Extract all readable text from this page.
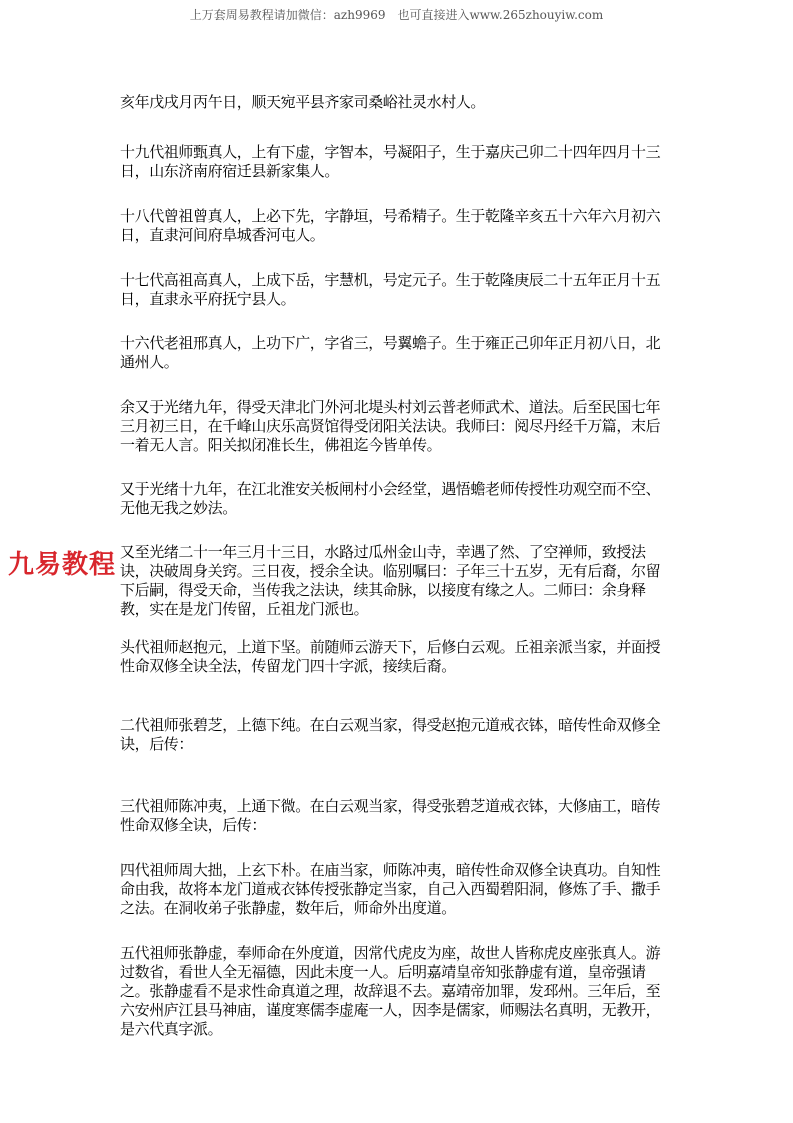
上万套周易教程请加微信：azh9969　也可直接进入www.265zhouyiw.com

亥年戊戌月丙午日，顺天宛平县齐家司桑峪社灵水村人。

十九代祖师甄真人，上有下虚，字智本，号凝阳子，生于嘉庆己卯二十四年四月十三日，山东济南府宿迁县新家集人。

十八代曾祖曾真人，上必下先，字静垣，号希精子。生于乾隆辛亥五十六年六月初六日，直隶河间府阜城香河屯人。

十七代高祖高真人，上成下岳，宇慧机，号定元子。生于乾隆庚辰二十五年正月十五日，直隶永平府抚宁县人。

十六代老祖邢真人，上功下广，字省三，号翼蟾子。生于雍正己卯年正月初八日，北通州人。

余又于光绪九年，得受天津北门外河北堤头村刘云普老师武术、道法。后至民国七年三月初三日，在千峰山庆乐高贤馆得受闭阳关法诀。我师曰：阅尽丹经千万篇，末后一着无人言。阳关拟闭准长生，佛祖迄今皆单传。

又于光绪十九年，在江北淮安关板闸村小会经堂，遇悟蟾老师传授性功观空而不空、无他无我之妙法。

又至光绪二十一年三月十三日，水路过瓜州金山寺，幸遇了然、了空禅师，致授法诀，决破周身关窍。三日夜，授余全诀。临别嘱曰：子年三十五岁，无有后裔，尔留下后嗣，得受天命，当传我之法诀，续其命脉，以接度有缘之人。二师曰：余身释教，实在是龙门传留，丘祖龙门派也。

头代祖师赵抱元，上道下坚。前随师云游天下，后修白云观。丘祖亲派当家，并面授性命双修全诀全法，传留龙门四十字派，接续后裔。

二代祖师张碧芝，上德下纯。在白云观当家，得受赵抱元道戒衣钵，暗传性命双修全诀，后传：

三代祖师陈冲夷，上通下微。在白云观当家，得受张碧芝道戒衣钵，大修庙工，暗传性命双修全诀，后传：

四代祖师周大拙，上玄下朴。在庙当家，师陈冲夷，暗传性命双修全诀真功。自知性命由我，故将本龙门道戒衣钵传授张静定当家，自己入西蜀碧阳洞，修炼了手、撒手之法。在洞收弟子张静虚，数年后，师命外出度道。

五代祖师张静虚，奉师命在外度道，因常代虎皮为座，故世人皆称虎皮座张真人。游过数省，看世人全无福德，因此未度一人。后明嘉靖皇帝知张静虚有道，皇帝强请之。张静虚看不是求性命真道之理，故辞退不去。嘉靖帝加罪，发邳州。三年后，至六安州庐江县马神庙，谨度寒儒李虚庵一人，因李是儒家，师赐法名真明，无教开，是六代真字派。

九易教程
